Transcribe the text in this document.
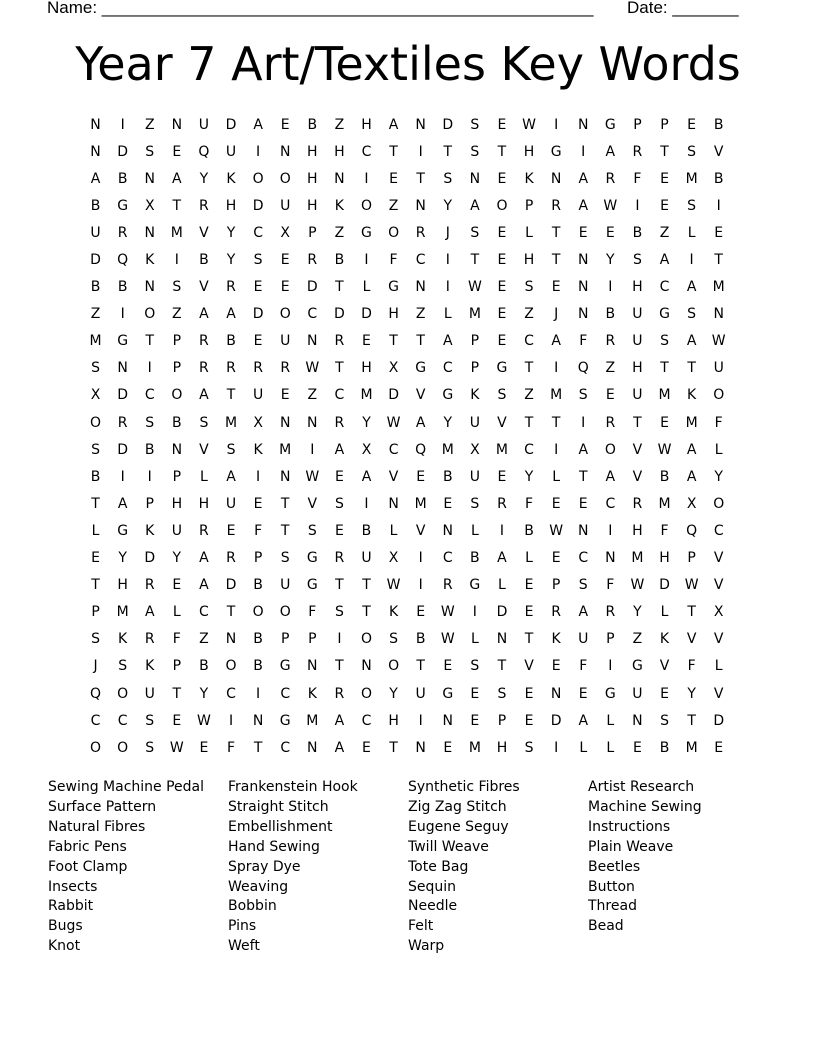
Name: ____________________________________________________ Date: _______
Year 7 Art/Textiles Key Words
N	I	Z	N	U	D	A	E	B	Z	H	A	N	D	S	E	W	I	N	G	P	P	E	B
N	D	S	E	Q	U	I	N	H	H	C	T	I	T	S	T	H	G	I	A	R	T	S	V
A	B	N	A	Y	K	O	O	H	N	I	E	T	S	N	E	K	N	A	R	F	E	M	B
B	G	X	T	R	H	D	U	H	K	O	Z	N	Y	A	O	P	R	A	W	I	E	S	I
U	R	N	M	V	Y	C	X	P	Z	G	O	R	J	S	E	L	T	E	E	B	Z	L	E
D	Q	K	I	B	Y	S	E	R	B	I	F	C	I	T	E	H	T	N	Y	S	A	I	T
B	B	N	S	V	R	E	E	D	T	L	G	N	I	W	E	S	E	N	I	H	C	A	M
Z	I	O	Z	A	A	D	O	C	D	D	H	Z	L	M	E	Z	J	N	B	U	G	S	N
M	G	T	P	R	B	E	U	N	R	E	T	T	A	P	E	C	A	F	R	U	S	A	W
S	N	I	P	R	R	R	R	W	T	H	X	G	C	P	G	T	I	Q	Z	H	T	T	U
X	D	C	O	A	T	U	E	Z	C	M	D	V	G	K	S	Z	M	S	E	U	M	K	O
O	R	S	B	S	M	X	N	N	R	Y	W	A	Y	U	V	T	T	I	R	T	E	M	F
S	D	B	N	V	S	K	M	I	A	X	C	Q	M	X	M	C	I	A	O	V	W	A	L
B	I	I	P	L	A	I	N	W	E	A	V	E	B	U	E	Y	L	T	A	V	B	A	Y
T	A	P	H	H	U	E	T	V	S	I	N	M	E	S	R	F	E	E	C	R	M	X	O
L	G	K	U	R	E	F	T	S	E	B	L	V	N	L	I	B	W	N	I	H	F	Q	C
E	Y	D	Y	A	R	P	S	G	R	U	X	I	C	B	A	L	E	C	N	M	H	P	V
T	H	R	E	A	D	B	U	G	T	T	W	I	R	G	L	E	P	S	F	W	D	W	V
P	M	A	L	C	T	O	O	F	S	T	K	E	W	I	D	E	R	A	R	Y	L	T	X
S	K	R	F	Z	N	B	P	P	I	O	S	B	W	L	N	T	K	U	P	Z	K	V	V
J	S	K	P	B	O	B	G	N	T	N	O	T	E	S	T	V	E	F	I	G	V	F	L
Q	O	U	T	Y	C	I	C	K	R	O	Y	U	G	E	S	E	N	E	G	U	E	Y	V
C	C	S	E	W	I	N	G	M	A	C	H	I	N	E	P	E	D	A	L	N	S	T	D
O	O	S	W	E	F	T	C	N	A	E	T	N	E	M	H	S	I	L	L	E	B	M	E
Sewing Machine Pedal
Surface Pattern
Natural Fibres
Fabric Pens
Foot Clamp
Insects
Rabbit
Bugs
Knot
Frankenstein Hook
Straight Stitch
Embellishment
Hand Sewing
Spray Dye
Weaving
Bobbin
Pins
Weft
Synthetic Fibres
Zig Zag Stitch
Eugene Seguy
Twill Weave
Tote Bag
Sequin
Needle
Felt
Warp
Artist Research
Machine Sewing
Instructions
Plain Weave
Beetles
Button
Thread
Bead
